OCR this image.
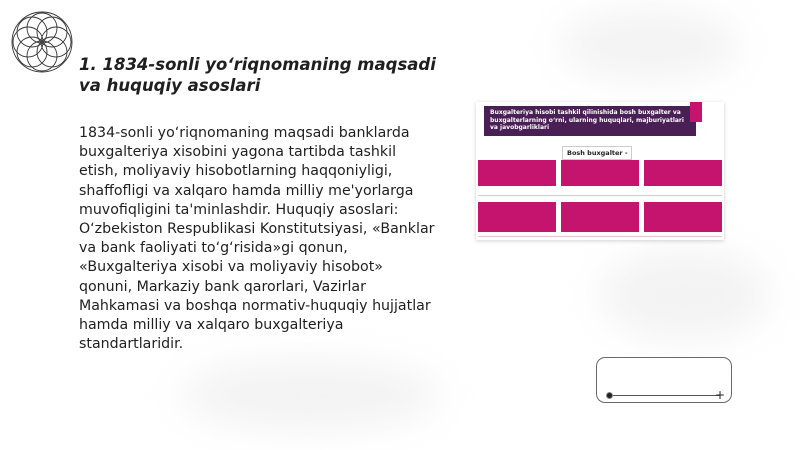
1. 1834-sonli yo‘riqnomaning maqsadi
va huquqiy asoslari

1834-sonli yo‘riqnomaning maqsadi banklarda buxgalteriya xisobini yagona tartibda tashkil etish, moliyaviy hisobotlarning haqqoniyligi, shaffofligi va xalqaro hamda milliy me'yorlarga muvofiqligini ta'minlashdir. Huquqiy asoslari: O‘zbekiston Respublikasi Konstitutsiyasi, «Banklar va bank faoliyati to‘g‘risida»gi qonun, «Buxgalteriya xisobi va moliyaviy hisobot» qonuni, Markaziy bank qarorlari, Vazirlar Mahkamasi va boshqa normativ-huquqiy hujjatlar hamda milliy va xalqaro buxgalteriya standartlaridir.

Buxgalteriya hisobi tashkil qilinishida bosh buxgalter va buxgalterlarning o‘rni, ularning huquqlari, majburiyatlari va javobgarliklari
Bosh buxgalter -
+
